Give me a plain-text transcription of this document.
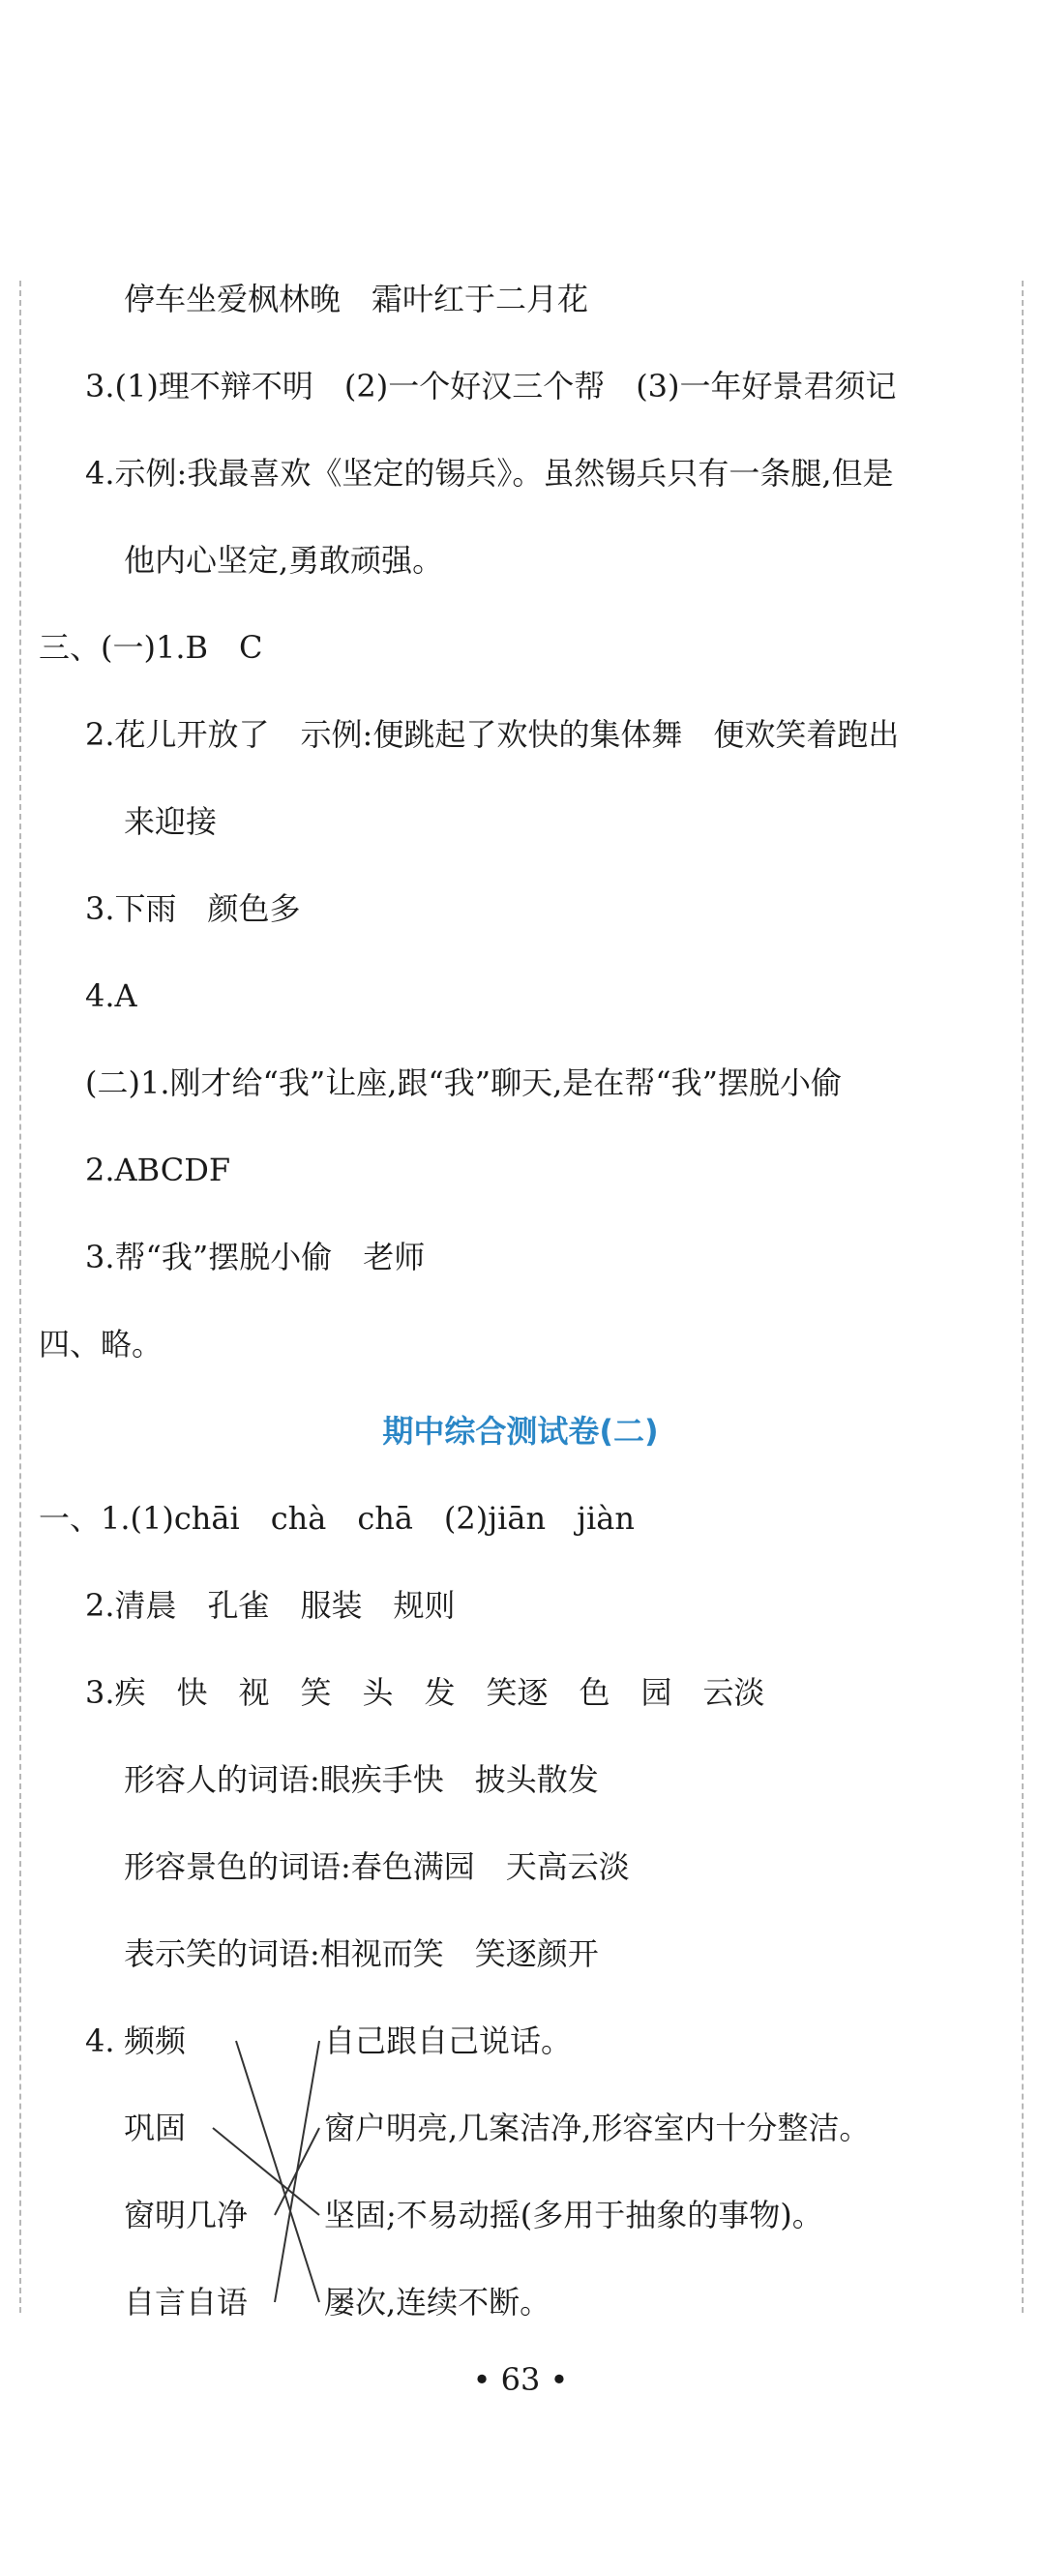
停车坐爱枫林晚　霜叶红于二月花
3.(1)理不辩不明　(2)一个好汉三个帮　(3)一年好景君须记
4.示例:我最喜欢《坚定的锡兵》。虽然锡兵只有一条腿,但是
他内心坚定,勇敢顽强。
三、(一)1.B　C
2.花儿开放了　示例:便跳起了欢快的集体舞　便欢笑着跑出
来迎接
3.下雨　颜色多
4.A
(二)1.刚才给“我”让座,跟“我”聊天,是在帮“我”摆脱小偷
2.ABCDF
3.帮“我”摆脱小偷　老师
四、略。
期中综合测试卷(二)
一、1.(1)chāi　chà　chā　(2)jiān　jiàn
2.清晨　孔雀　服装　规则
3.疾　快　视　笑　头　发　笑逐　色　园　云淡
形容人的词语:眼疾手快　披头散发
形容景色的词语:春色满园　天高云淡
表示笑的词语:相视而笑　笑逐颜开
4. 频频
巩固
窗明几净
自言自语
自己跟自己说话。
窗户明亮,几案洁净,形容室内十分整洁。
坚固;不易动摇(多用于抽象的事物)。
屡次,连续不断。
• 63 •
